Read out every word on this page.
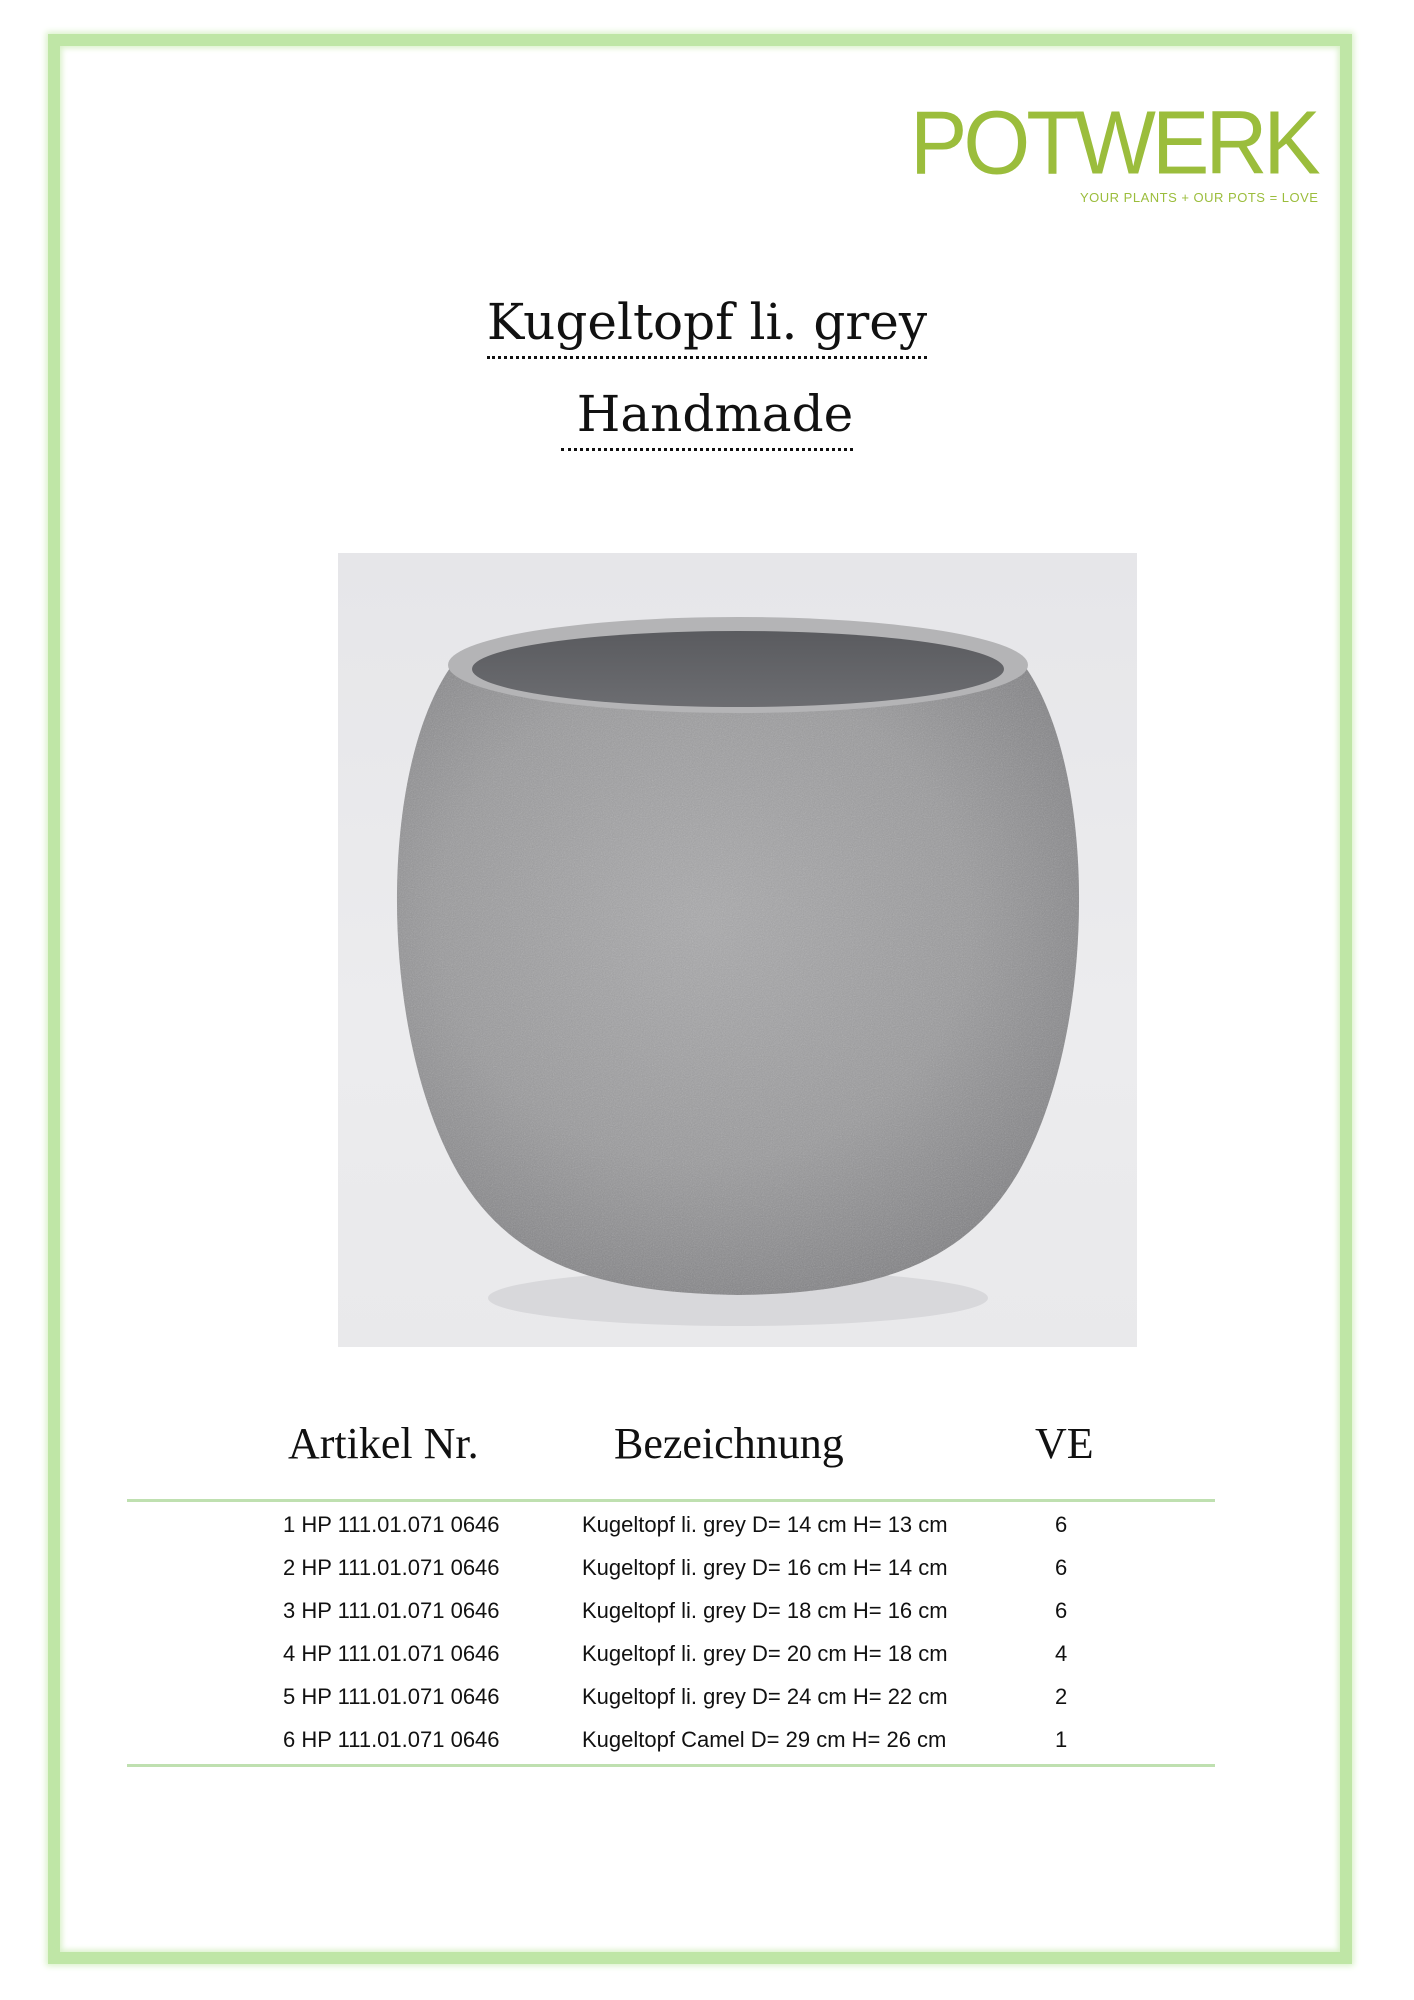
POTWERK
YOUR PLANTS + OUR POTS = LOVE
Kugeltopf li. grey
Handmade
Artikel Nr.	Bezeichnung	VE
1 HP 111.01.071 0646	Kugeltopf li. grey D= 14 cm H= 13 cm	6
2 HP 111.01.071 0646	Kugeltopf li. grey D= 16 cm H= 14 cm	6
3 HP 111.01.071 0646	Kugeltopf li. grey D= 18 cm H= 16 cm	6
4 HP 111.01.071 0646	Kugeltopf li. grey D= 20 cm H= 18 cm	4
5 HP 111.01.071 0646	Kugeltopf li. grey D= 24 cm H= 22 cm	2
6 HP 111.01.071 0646	Kugeltopf Camel D= 29 cm H= 26 cm	1
